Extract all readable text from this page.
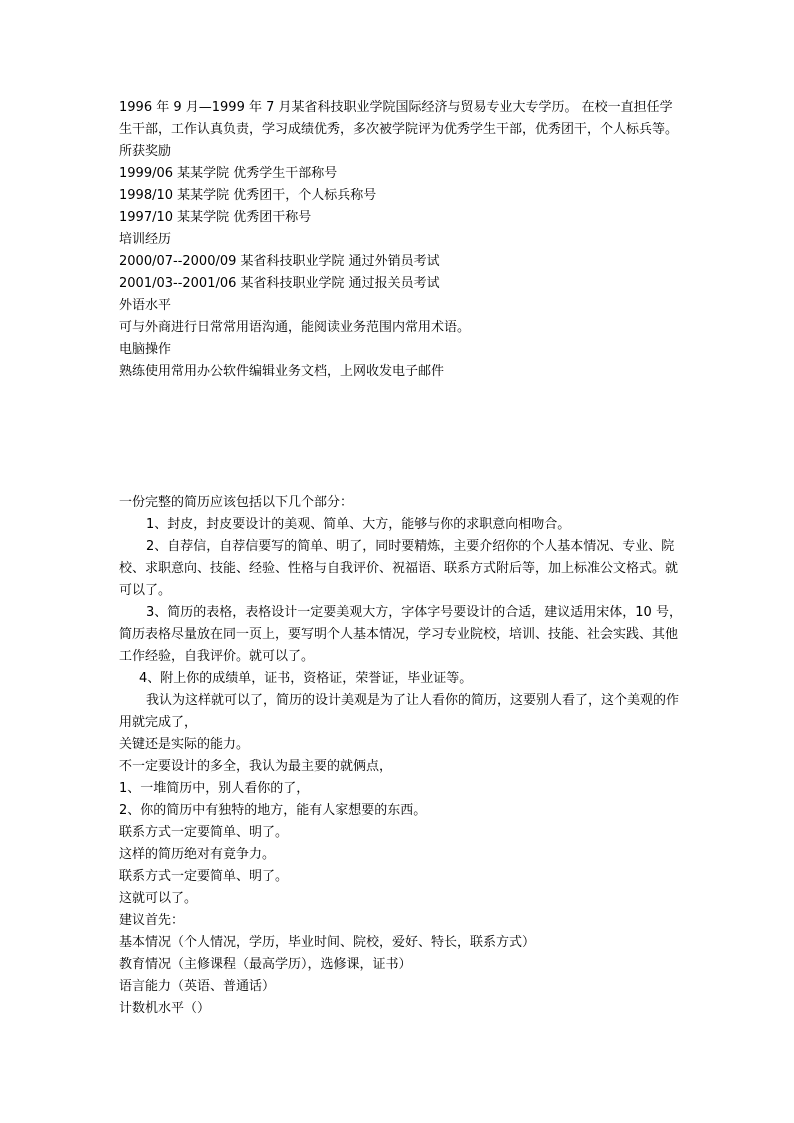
1996 年 9 月—1999 年 7 月某省科技职业学院国际经济与贸易专业大专学历。 在校一直担任学生干部，工作认真负责，学习成绩优秀，多次被学院评为优秀学生干部，优秀团干，个人标兵等。

所获奖励

1999/06 某某学院 优秀学生干部称号

1998/10 某某学院 优秀团干，个人标兵称号

1997/10 某某学院 优秀团干称号

培训经历

2000/07--2000/09 某省科技职业学院 通过外销员考试

2001/03--2001/06 某省科技职业学院 通过报关员考试

外语水平

可与外商进行日常常用语沟通，能阅读业务范围内常用术语。

电脑操作

熟练使用常用办公软件编辑业务文档，上网收发电子邮件

一份完整的简历应该包括以下几个部分：

1、封皮，封皮要设计的美观、简单、大方，能够与你的求职意向相吻合。

2、自荐信，自荐信要写的简单、明了，同时要精炼，主要介绍你的个人基本情况、专业、院校、求职意向、技能、经验、性格与自我评价、祝福语、联系方式附后等，加上标准公文格式。就可以了。

3、简历的表格，表格设计一定要美观大方，字体字号要设计的合适，建议适用宋体，10 号，简历表格尽量放在同一页上，要写明个人基本情况，学习专业院校，培训、技能、社会实践、其他工作经验，自我评价。就可以了。

4、附上你的成绩单，证书，资格证，荣誉证，毕业证等。

我认为这样就可以了，简历的设计美观是为了让人看你的简历，这要别人看了，这个美观的作用就完成了，

关键还是实际的能力。

不一定要设计的多全，我认为最主要的就俩点，

1、一堆简历中，别人看你的了，

2、你的简历中有独特的地方，能有人家想要的东西。

联系方式一定要简单、明了。

这样的简历绝对有竟争力。

联系方式一定要简单、明了。

这就可以了。

建议首先：

基本情况（个人情况，学历，毕业时间、院校，爱好、特长，联系方式）

教育情况（主修课程（最高学历），选修课，证书）

语言能力（英语、普通话）

计数机水平（）
